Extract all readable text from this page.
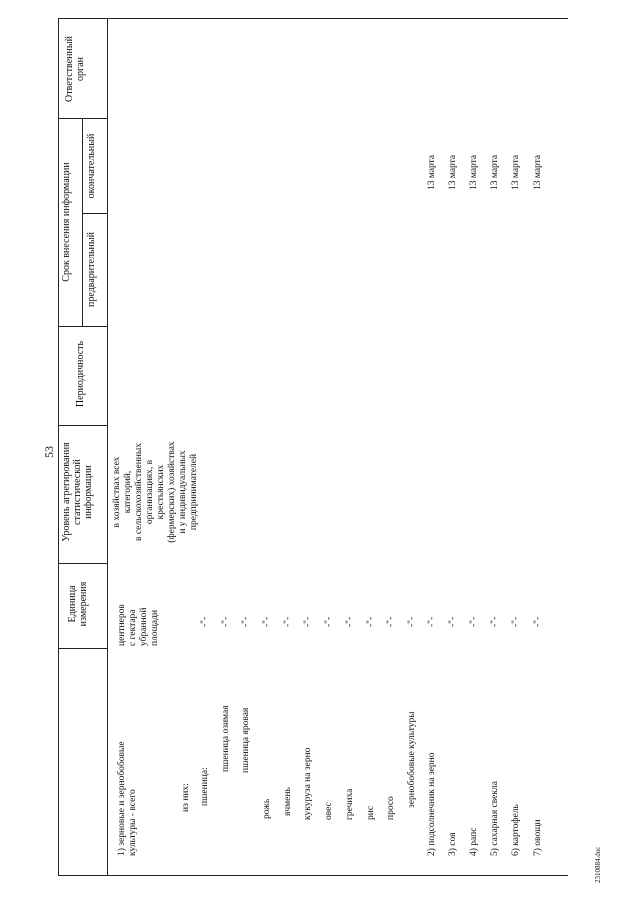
53
Ответственный орган
Срок внесения информации предварительный
окончательный
Периодичность
Уровень агрегирования статистической информации
Единица измерения
в хозяйствах всех категорий, в сельскохозяйственных организациях, в крестьянских (фермерских) хозяйствах и у индивидуальных предпринимателей
центнеров с гектара убранной площади
1) зерновые и зернобобовые культуры - всего	из них: пшеница:
-"-
пшеница озимая
-"-
пшеница яровая
-"-
рожь
-"-
ячмень
-"-
кукуруза на зерно
-"-
овес
-"-
гречиха
-"-
рис
-"-
просо
-"-
зернобобовые культуры
-"-
2) подсолнечник на зерно
-"-
13 марта
3) соя
-"-
13 марта
4) рапс
-"-
13 марта
5) сахарная свекла
-"-
13 марта
6) картофель
-"-
13 марта
7) овощи
-"-
13 марта
2310884.doc
